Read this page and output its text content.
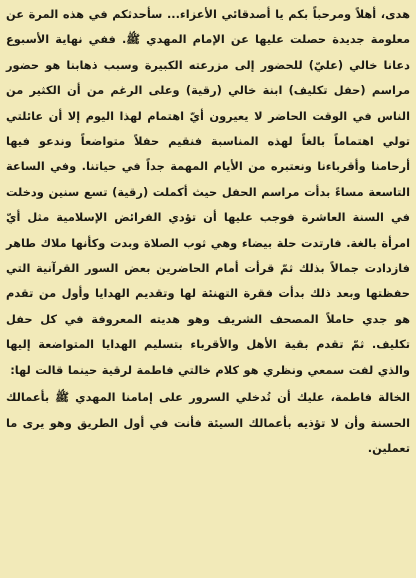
هدى، أهلاً ومرحباً بكم يا أصدقائي الأعزاء... سأحدثكم في هذه المرة عن معلومة جديدة حصلت عليها عن الإمام المهدي ﷺ. ففي نهاية الأسبوع دعانا خالي (عليّ) للحضور إلى مزرعته الكبيرة وسبب ذهابنا هو حضور مراسم (حفل تكليف) ابنة خالي (رقية) وعلى الرغم من أن الكثير من الناس في الوقت الحاضر لا يعيرون أيّ اهتمام لهذا اليوم إلا أن عائلتي تولي اهتماماً بالغاً لهذه المناسبة فنقيم حفلاً متواضعاً وندعو فيها أرحامنا وأقرباءنا ونعتبره من الأيام المهمة جداً في حياتنا. وفي الساعة التاسعة مساءً بدأت مراسم الحفل حيث أكملت (رقية) تسع سنين ودخلت في السنة العاشرة فوجب عليها أن تؤدي الفرائض الإسلامية مثل أيّ امرأة بالغة. فارتدت حلة بيضاء وهي ثوب الصلاة وبدت وكأنها ملاك طاهر فازدادت جمالاً بذلك ثمّ قرأت أمام الحاضرين بعض السور القرآنية التي حفظتها وبعد ذلك بدأت فقرة التهنئة لها وتقديم الهدايا وأول من تقدم هو جدي حاملاً المصحف الشريف وهو هديته المعروفة في كل حفل تكليف. ثمّ تقدم بقية الأهل والأقرباء بتسليم الهدايا المتواضعة إليها والذي لفت سمعي ونظري هو كلام خالتي فاطمة لرقية حينما قالت لها:

الخالة فاطمة، عليك أن تُدخلي السرور على إمامنا المهدي ﷺ بأعمالك الحسنة وأن لا تؤذيه بأعمالك السيئة فأنت في أول الطريق وهو يرى ما تعملين.
